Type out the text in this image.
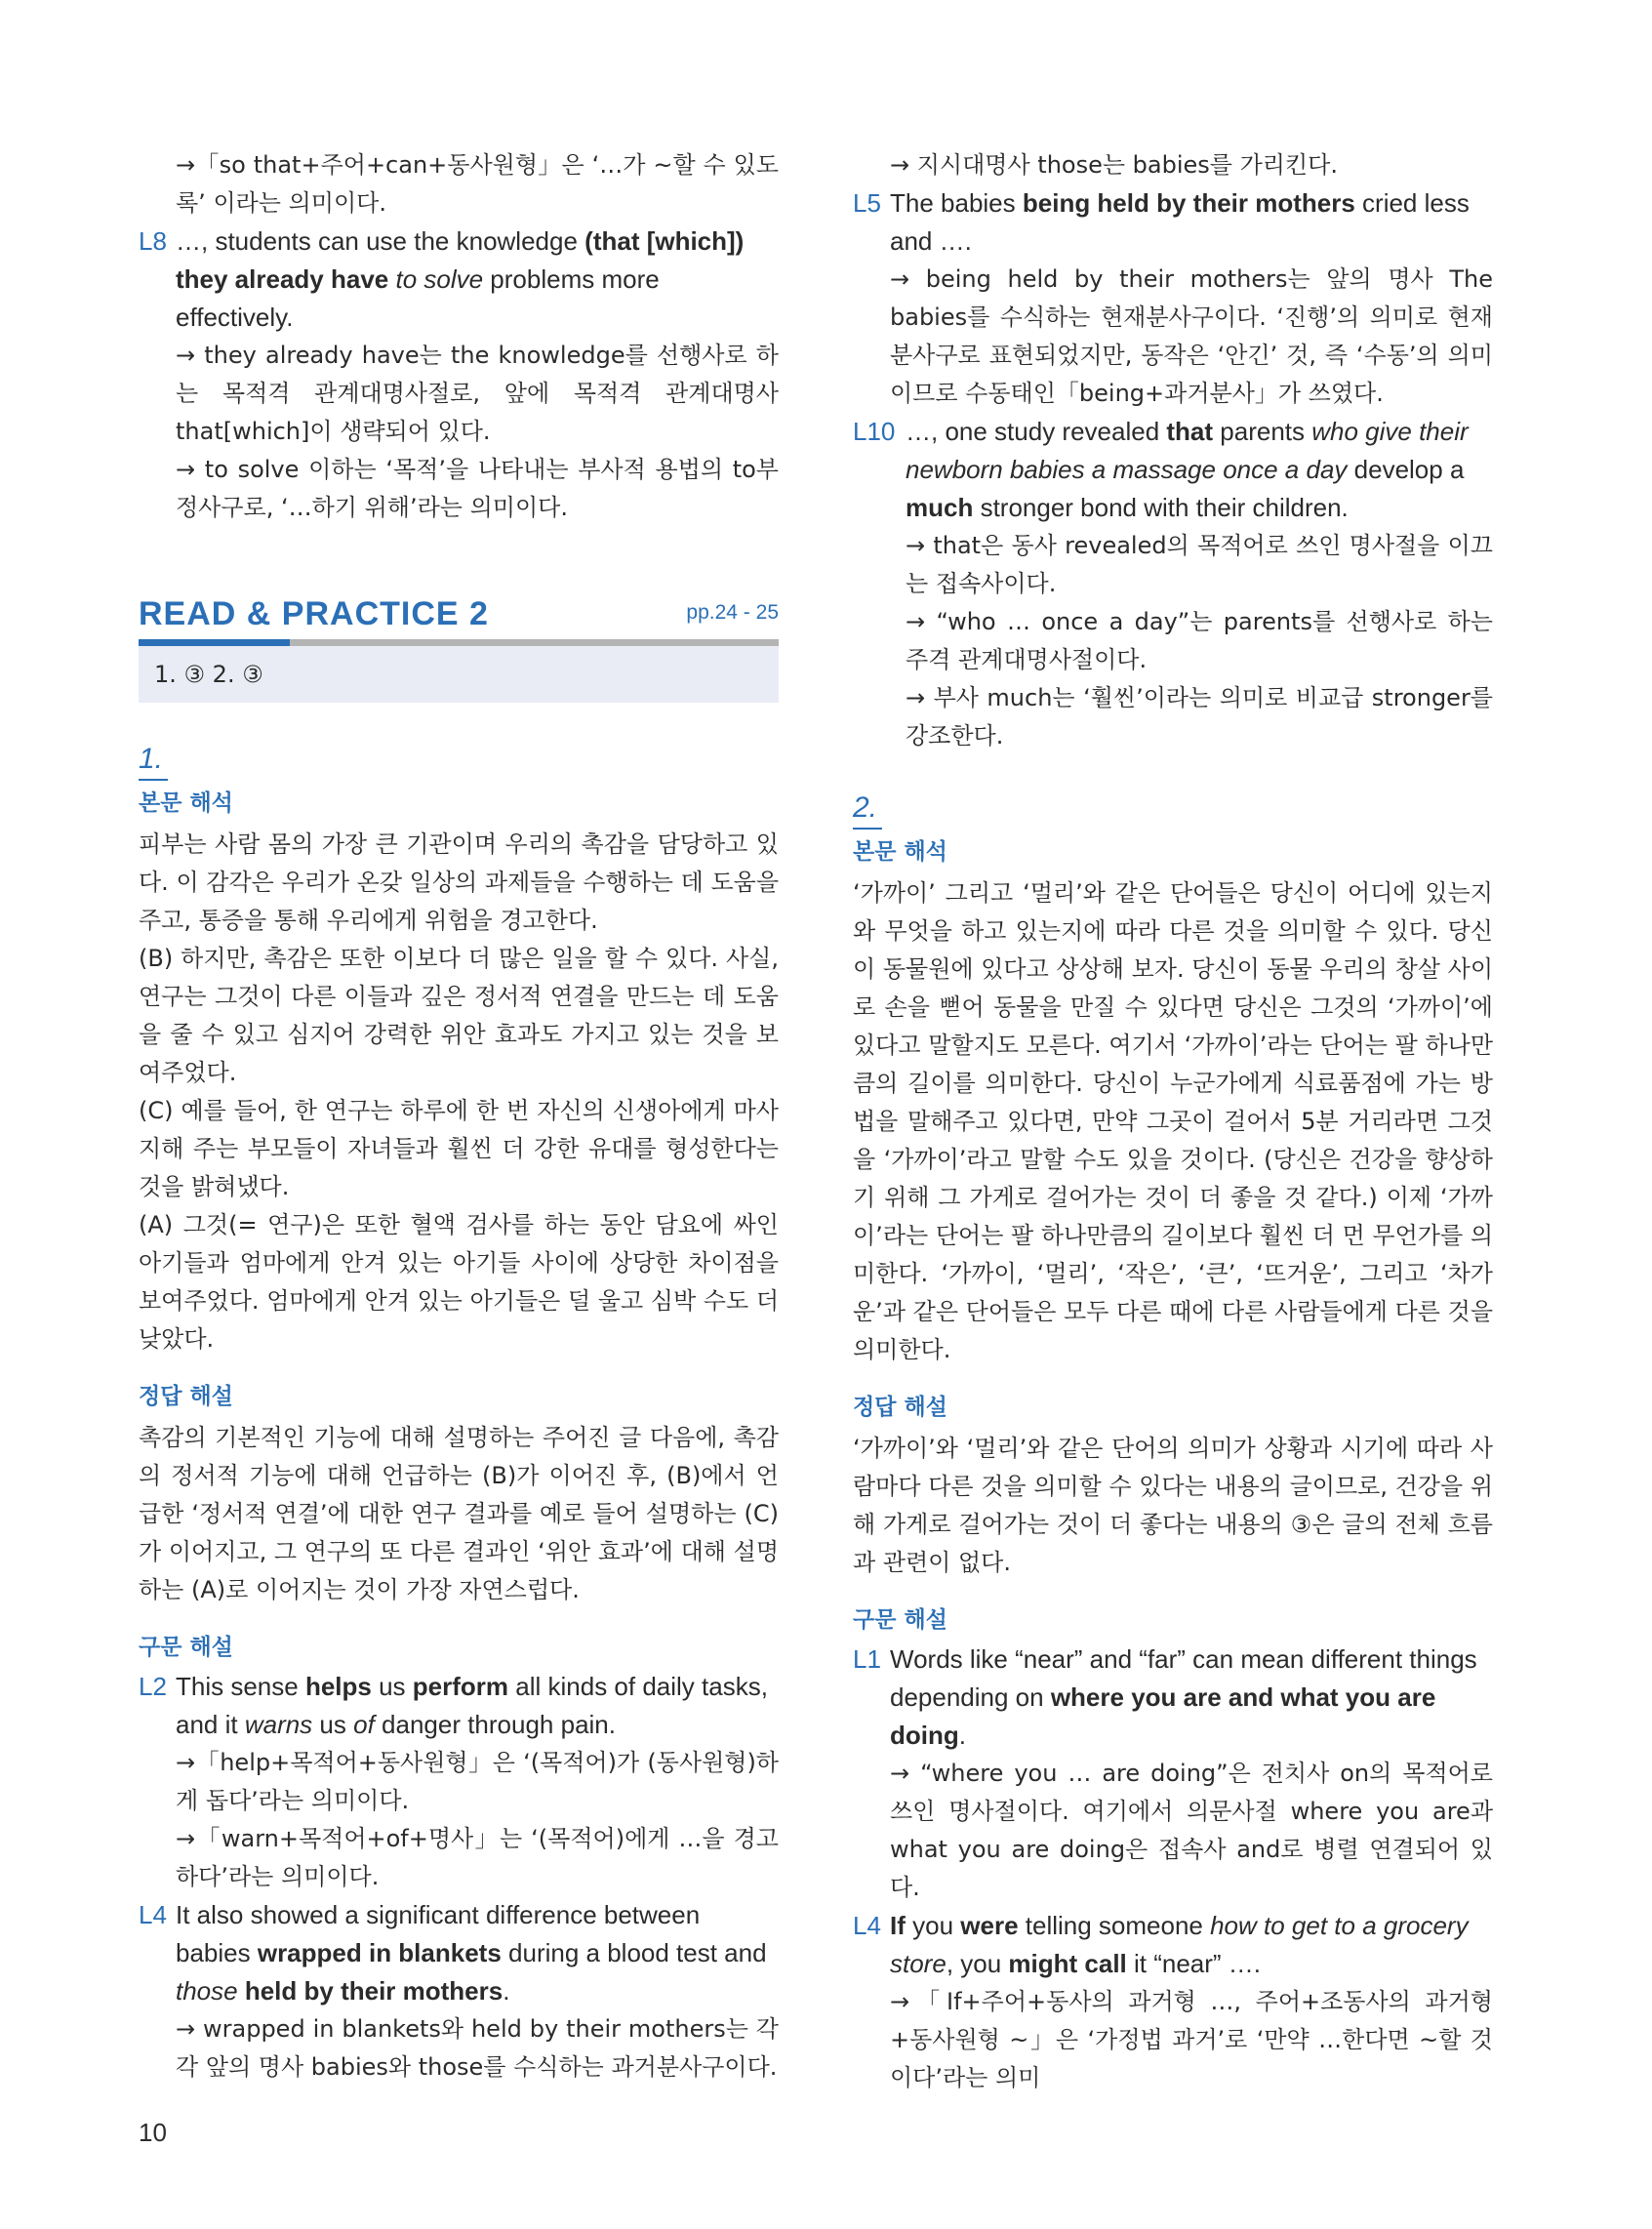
→「so that+주어+can+동사원형」은 ‘…가 ~할 수 있도록’ 이라는 의미이다.

L8 …, students can use the knowledge (that [which]) they already have to solve problems more effectively.

→ they already have는 the knowledge를 선행사로 하는 목적격 관계대명사절로, 앞에 목적격 관계대명사 that[which]이 생략되어 있다.

→ to solve 이하는 ‘목적’을 나타내는 부사적 용법의 to부정사구로, ‘…하기 위해’라는 의미이다.

READ & PRACTICE 2	pp.24 - 25
1. ③ 2. ③

1.

본문 해석

피부는 사람 몸의 가장 큰 기관이며 우리의 촉감을 담당하고 있다. 이 감각은 우리가 온갖 일상의 과제들을 수행하는 데 도움을 주고, 통증을 통해 우리에게 위험을 경고한다.

(B) 하지만, 촉감은 또한 이보다 더 많은 일을 할 수 있다. 사실, 연구는 그것이 다른 이들과 깊은 정서적 연결을 만드는 데 도움을 줄 수 있고 심지어 강력한 위안 효과도 가지고 있는 것을 보여주었다.

(C) 예를 들어, 한 연구는 하루에 한 번 자신의 신생아에게 마사지해 주는 부모들이 자녀들과 훨씬 더 강한 유대를 형성한다는 것을 밝혀냈다.

(A) 그것(= 연구)은 또한 혈액 검사를 하는 동안 담요에 싸인 아기들과 엄마에게 안겨 있는 아기들 사이에 상당한 차이점을 보여주었다. 엄마에게 안겨 있는 아기들은 덜 울고 심박 수도 더 낮았다.

정답 해설

촉감의 기본적인 기능에 대해 설명하는 주어진 글 다음에, 촉감의 정서적 기능에 대해 언급하는 (B)가 이어진 후, (B)에서 언급한 ‘정서적 연결’에 대한 연구 결과를 예로 들어 설명하는 (C)가 이어지고, 그 연구의 또 다른 결과인 ‘위안 효과’에 대해 설명하는 (A)로 이어지는 것이 가장 자연스럽다.

구문 해설

L2 This sense helps us perform all kinds of daily tasks, and it warns us of danger through pain.

→「help+목적어+동사원형」은 ‘(목적어)가 (동사원형)하게 돕다’라는 의미이다.

→「warn+목적어+of+명사」는 ‘(목적어)에게 …을 경고하다’라는 의미이다.

L4 It also showed a significant difference between babies wrapped in blankets during a blood test and those held by their mothers.

→ wrapped in blankets와 held by their mothers는 각각 앞의 명사 babies와 those를 수식하는 과거분사구이다.

→ 지시대명사 those는 babies를 가리킨다.

L5 The babies being held by their mothers cried less and ….

→ being held by their mothers는 앞의 명사 The babies를 수식하는 현재분사구이다. ‘진행’의 의미로 현재분사구로 표현되었지만, 동작은 ‘안긴’ 것, 즉 ‘수동’의 의미이므로 수동태인「being+과거분사」가 쓰였다.

L10 …, one study revealed that parents who give their newborn babies a massage once a day develop a much stronger bond with their children.

→ that은 동사 revealed의 목적어로 쓰인 명사절을 이끄는 접속사이다.

→ “who … once a day”는 parents를 선행사로 하는 주격 관계대명사절이다.

→ 부사 much는 ‘훨씬’이라는 의미로 비교급 stronger를 강조한다.

2.

본문 해석

‘가까이’ 그리고 ‘멀리’와 같은 단어들은 당신이 어디에 있는지와 무엇을 하고 있는지에 따라 다른 것을 의미할 수 있다. 당신이 동물원에 있다고 상상해 보자. 당신이 동물 우리의 창살 사이로 손을 뻗어 동물을 만질 수 있다면 당신은 그것의 ‘가까이’에 있다고 말할지도 모른다. 여기서 ‘가까이’라는 단어는 팔 하나만큼의 길이를 의미한다. 당신이 누군가에게 식료품점에 가는 방법을 말해주고 있다면, 만약 그곳이 걸어서 5분 거리라면 그것을 ‘가까이’라고 말할 수도 있을 것이다. (당신은 건강을 향상하기 위해 그 가게로 걸어가는 것이 더 좋을 것 같다.) 이제 ‘가까이’라는 단어는 팔 하나만큼의 길이보다 훨씬 더 먼 무언가를 의미한다. ‘가까이, ‘멀리’, ‘작은’, ‘큰’, ‘뜨거운’, 그리고 ‘차가운’과 같은 단어들은 모두 다른 때에 다른 사람들에게 다른 것을 의미한다.

정답 해설

‘가까이’와 ‘멀리’와 같은 단어의 의미가 상황과 시기에 따라 사람마다 다른 것을 의미할 수 있다는 내용의 글이므로, 건강을 위해 가게로 걸어가는 것이 더 좋다는 내용의 ③은 글의 전체 흐름과 관련이 없다.

구문 해설

L1 Words like “near” and “far” can mean different things depending on where you are and what you are doing.

→ “where you … are doing”은 전치사 on의 목적어로 쓰인 명사절이다. 여기에서 의문사절 where you are과 what you are doing은 접속사 and로 병렬 연결되어 있다.

L4 If you were telling someone how to get to a grocery store, you might call it “near” ….

→「If+주어+동사의 과거형 …, 주어+조동사의 과거형+동사원형 ~」은 ‘가정법 과거’로 ‘만약 …한다면 ~할 것이다’라는 의미

10
